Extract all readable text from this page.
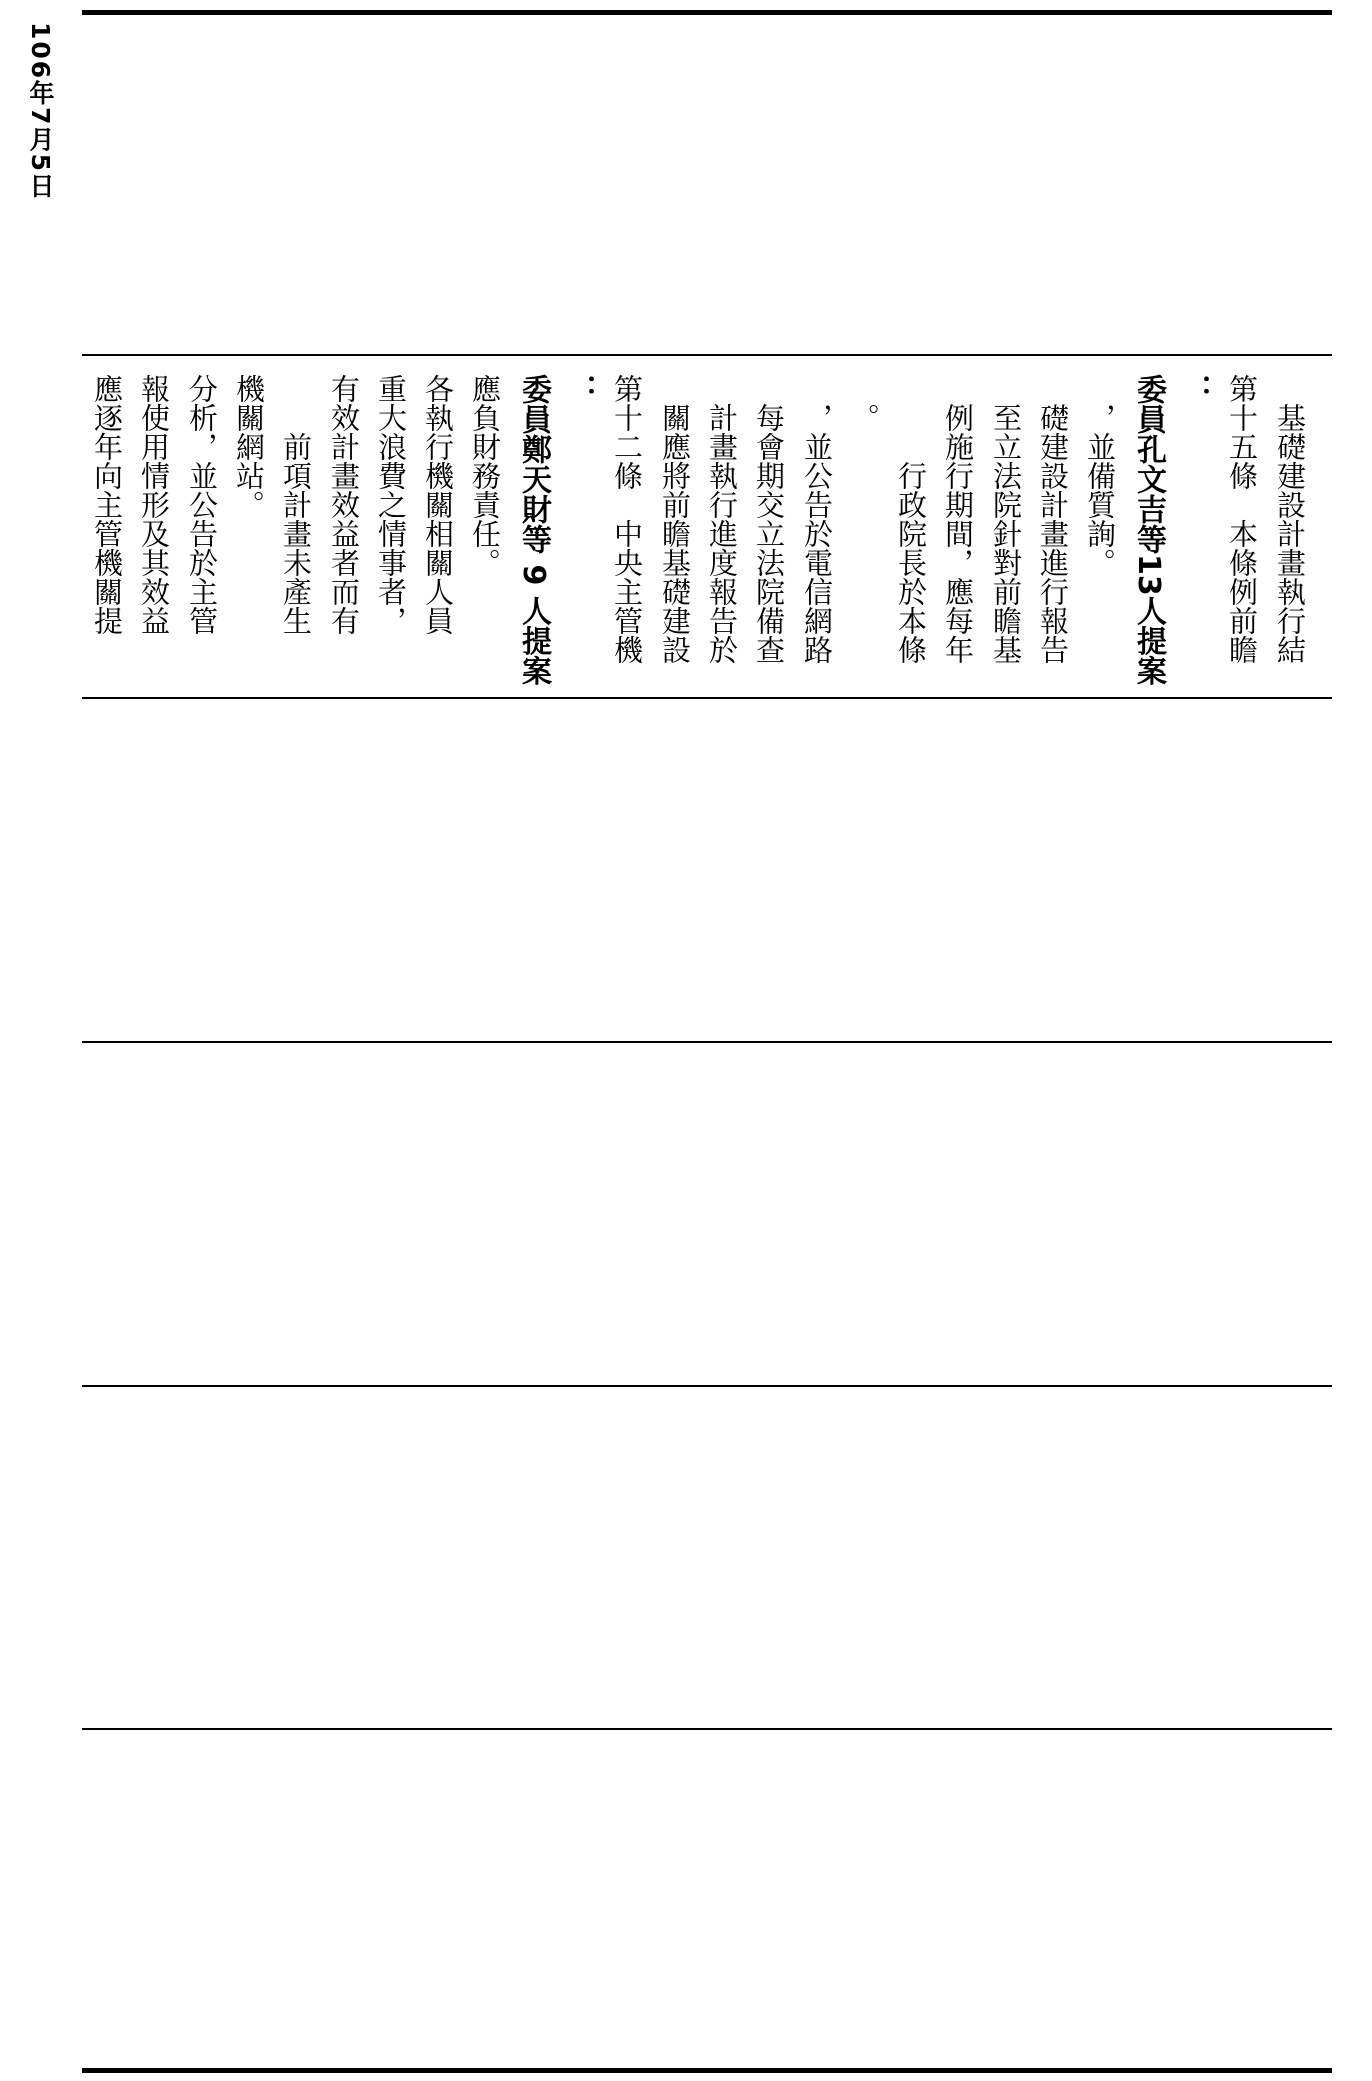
106年7月5日
應逐年向主管機關提 報使用情形及其效益 分析，並公告於主管 機關網站。 前項計畫未產生 有效計畫效益者而有 重大浪費之情事者， 各執行機關相關人員 應負財務責任。 委員鄭天財等 9 人提案 ： 第十二條　中央主管機 關應將前瞻基礎建設 計畫執行進度報告於 每會期交立法院備查 ，並公告於電信網路 。
行政院長於本條 例施行期間，應每年 至立法院針對前瞻基 礎建設計畫進行報告 ，並備質詢。 委員孔文吉等13人提案 ： 第十五條　本條例前瞻 基礎建設計畫執行結
